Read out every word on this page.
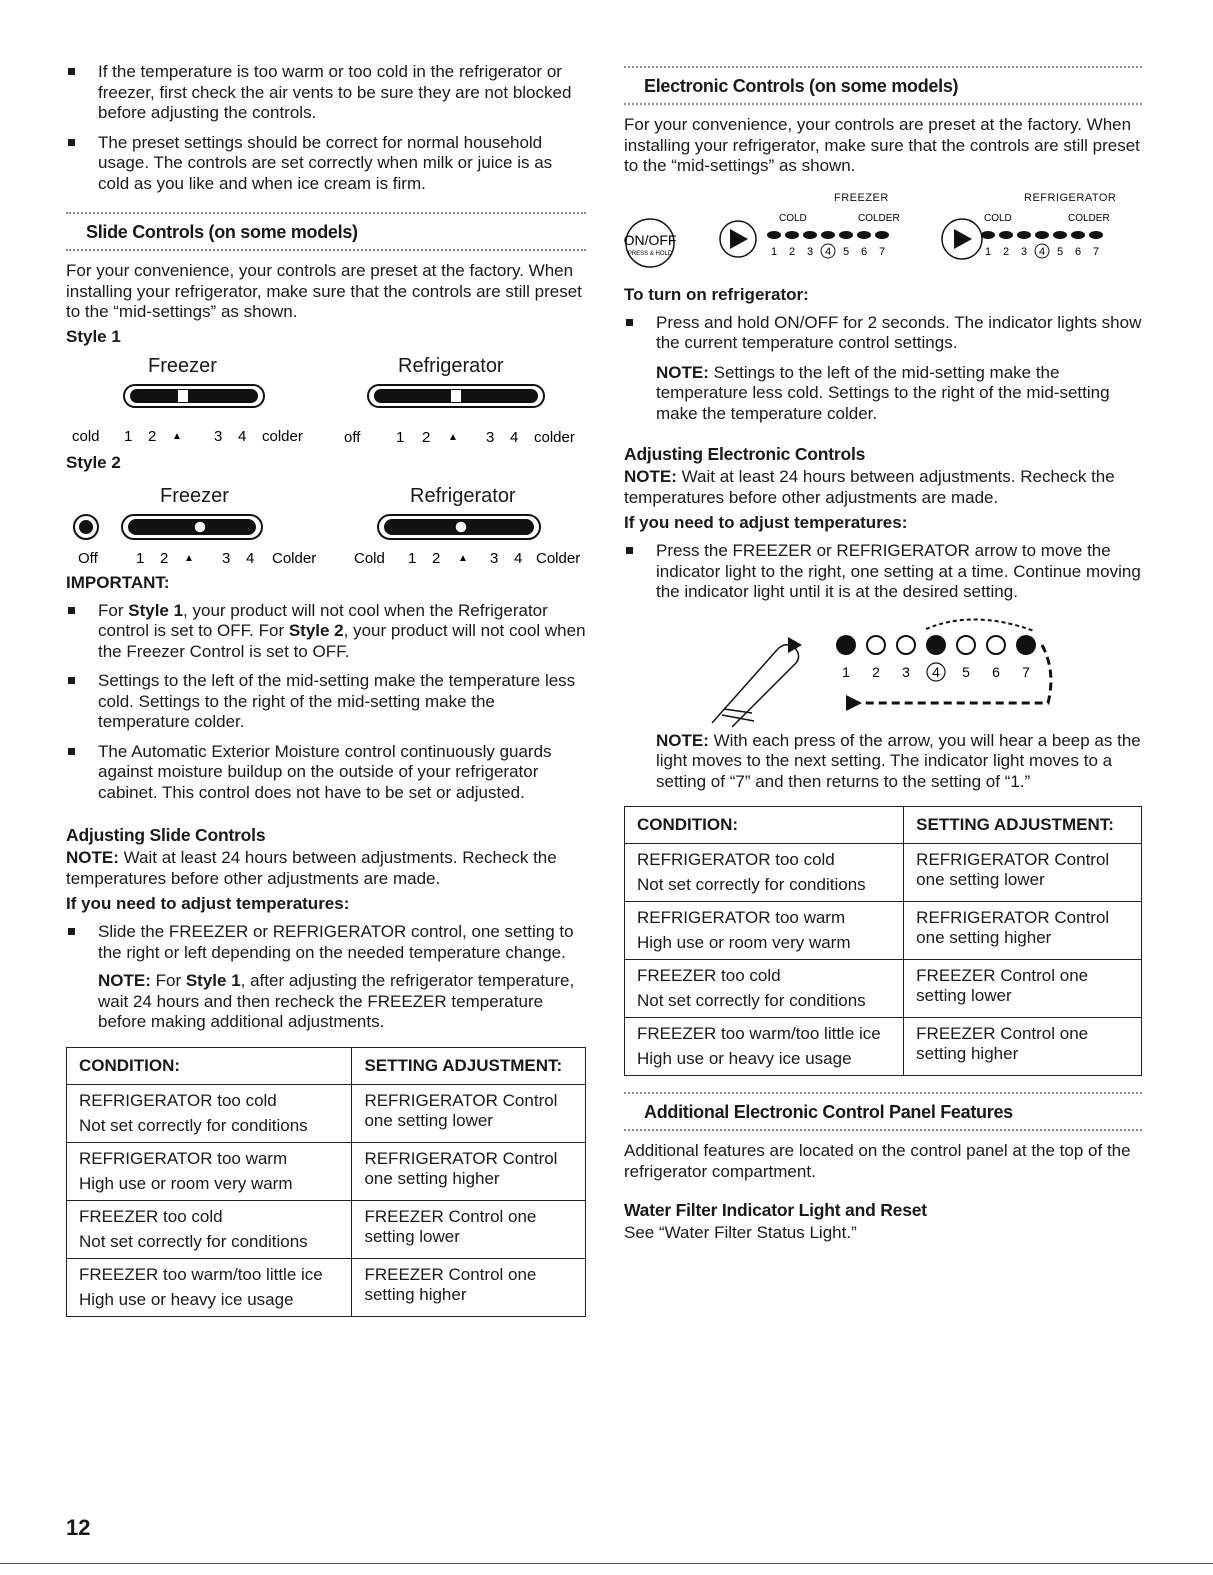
If the temperature is too warm or too cold in the refrigerator or freezer, first check the air vents to be sure they are not blocked before adjusting the controls.
The preset settings should be correct for normal household usage. The controls are set correctly when milk or juice is as cold as you like and when ice cream is firm.
Slide Controls (on some models)
For your convenience, your controls are preset at the factory. When installing your refrigerator, make sure that the controls are still preset to the “mid-settings” as shown.
Style 1
Freezer	Refrigerator
cold 1 2 ▲ 3 4 colder	off 1 2 ▲ 3 4 colder
Style 2
Freezer	Refrigerator
Off	1 2 ▲ 3 4 Colder	Cold 1 2 ▲ 3 4 Colder
IMPORTANT:
For Style 1, your product will not cool when the Refrigerator control is set to OFF. For Style 2, your product will not cool when the Freezer Control is set to OFF.
Settings to the left of the mid-setting make the temperature less cold. Settings to the right of the mid-setting make the temperature colder.
The Automatic Exterior Moisture control continuously guards against moisture buildup on the outside of your refrigerator cabinet. This control does not have to be set or adjusted.
Adjusting Slide Controls
NOTE: Wait at least 24 hours between adjustments. Recheck the temperatures before other adjustments are made.
If you need to adjust temperatures:
Slide the FREEZER or REFRIGERATOR control, one setting to the right or left depending on the needed temperature change.
NOTE: For Style 1, after adjusting the refrigerator temperature, wait 24 hours and then recheck the FREEZER temperature before making additional adjustments.
CONDITION:	SETTING ADJUSTMENT:
REFRIGERATOR too cold
Not set correctly for conditions	REFRIGERATOR Control one setting lower
REFRIGERATOR too warm
High use or room very warm	REFRIGERATOR Control one setting higher
FREEZER too cold
Not set correctly for conditions	FREEZER Control one setting lower
FREEZER too warm/too little ice
High use or heavy ice usage	FREEZER Control one setting higher
Electronic Controls (on some models)
For your convenience, your controls are preset at the factory. When installing your refrigerator, make sure that the controls are still preset to the “mid-settings” as shown.
FREEZER	REFRIGERATOR
ON/OFF
PRESS & HOLD
COLD	COLDER
1 2 3 4 5 6 7
COLD	COLDER
1 2 3 4 5 6 7
To turn on refrigerator:
Press and hold ON/OFF for 2 seconds. The indicator lights show the current temperature control settings.
NOTE: Settings to the left of the mid-setting make the temperature less cold. Settings to the right of the mid-setting make the temperature colder.
Adjusting Electronic Controls
NOTE: Wait at least 24 hours between adjustments. Recheck the temperatures before other adjustments are made.
If you need to adjust temperatures:
Press the FREEZER or REFRIGERATOR arrow to move the indicator light to the right, one setting at a time. Continue moving the indicator light until it is at the desired setting.
1 2 3 4 5 6 7
NOTE: With each press of the arrow, you will hear a beep as the light moves to the next setting. The indicator light moves to a setting of “7” and then returns to the setting of “1.”
CONDITION:	SETTING ADJUSTMENT:
REFRIGERATOR too cold
Not set correctly for conditions	REFRIGERATOR Control one setting lower
REFRIGERATOR too warm
High use or room very warm	REFRIGERATOR Control one setting higher
FREEZER too cold
Not set correctly for conditions	FREEZER Control one setting lower
FREEZER too warm/too little ice
High use or heavy ice usage	FREEZER Control one setting higher
Additional Electronic Control Panel Features
Additional features are located on the control panel at the top of the refrigerator compartment.
Water Filter Indicator Light and Reset
See “Water Filter Status Light.”
12
